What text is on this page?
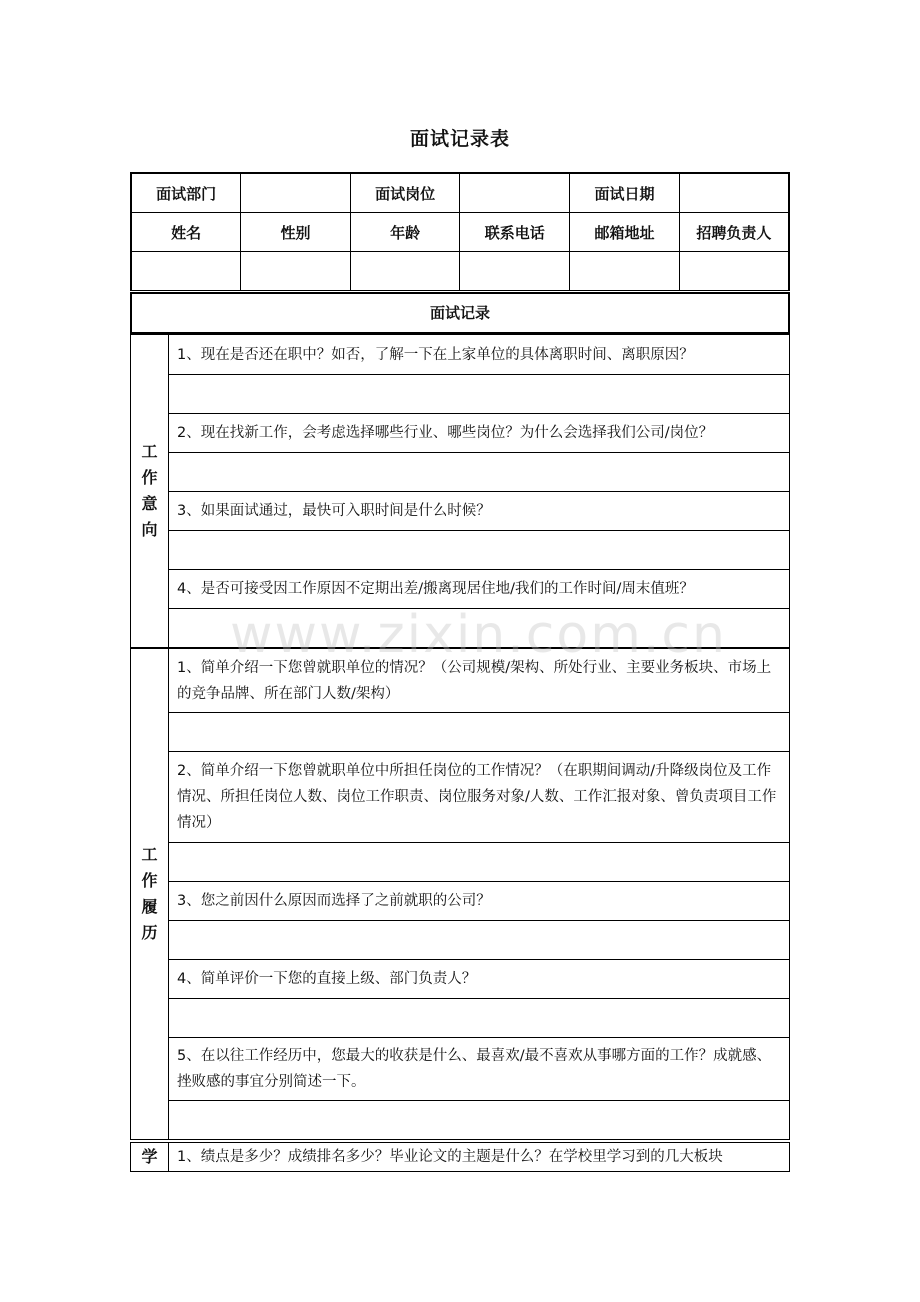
面试记录表
面试部门		面试岗位		面试日期	
姓名	性别	年龄	联系电话	邮箱地址	招聘负责人

面试记录
工
作
意
向
	1、现在是否还在职中？如否，了解一下在上家单位的具体离职时间、离职原因？

2、现在找新工作，会考虑选择哪些行业、哪些岗位？为什么会选择我们公司/岗位？

3、如果面试通过，最快可入职时间是什么时候？

4、是否可接受因工作原因不定期出差/搬离现居住地/我们的工作时间/周末值班？

工
作
履
历
	1、简单介绍一下您曾就职单位的情况？（公司规模/架构、所处行业、主要业务板块、市场上的竞争品牌、所在部门人数/架构）

2、简单介绍一下您曾就职单位中所担任岗位的工作情况？（在职期间调动/升降级岗位及工作情况、所担任岗位人数、岗位工作职责、岗位服务对象/人数、工作汇报对象、曾负责项目工作情况）

3、您之前因什么原因而选择了之前就职的公司？

4、简单评价一下您的直接上级、部门负责人？

5、在以往工作经历中，您最大的收获是什么、最喜欢/最不喜欢从事哪方面的工作？成就感、挫败感的事宜分别简述一下。

学	1、绩点是多少？成绩排名多少？毕业论文的主题是什么？在学校里学习到的几大板块
www.zixin.com.cn
